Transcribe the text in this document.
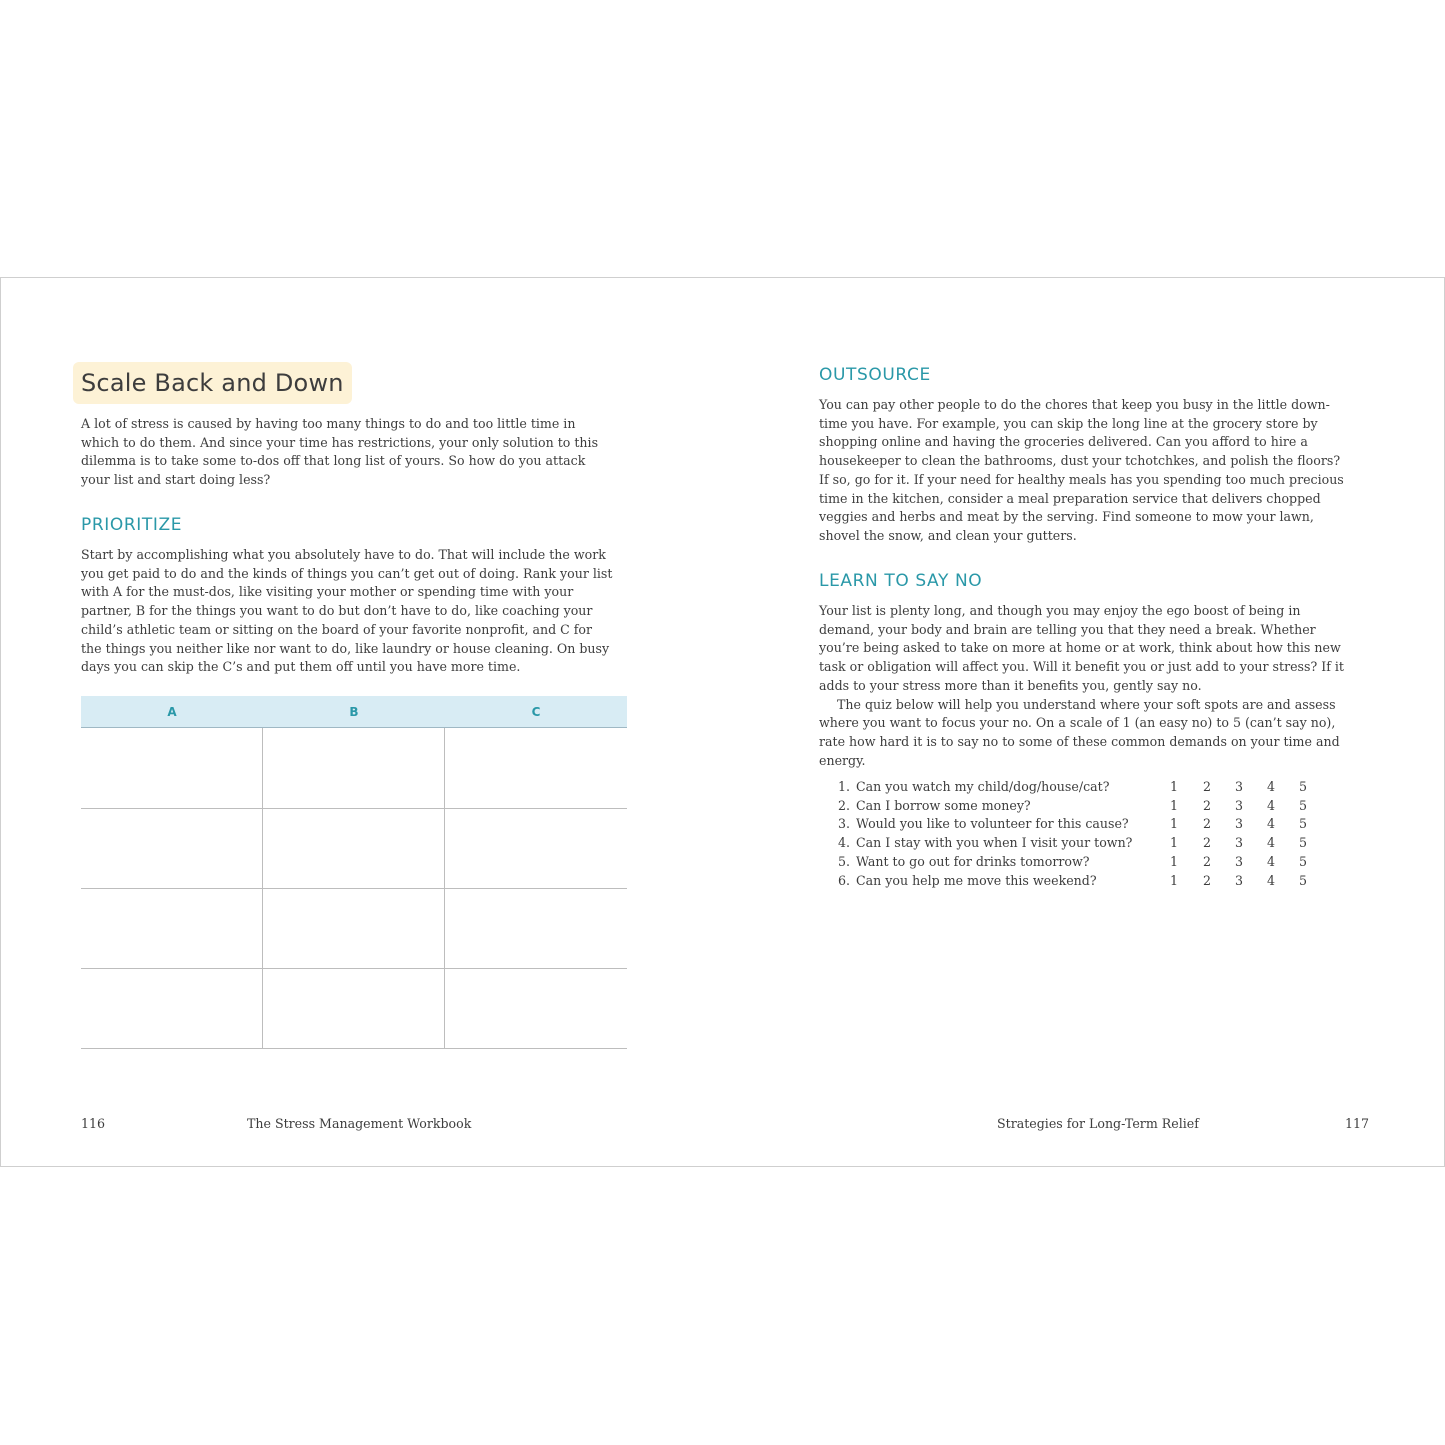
Scale Back and Down

A lot of stress is caused by having too many things to do and too little time in
which to do them. And since your time has restrictions, your only solution to this
dilemma is to take some to-dos off that long list of yours. So how do you attack
your list and start doing less?

PRIORITIZE

Start by accomplishing what you absolutely have to do. That will include the work
you get paid to do and the kinds of things you can’t get out of doing. Rank your list
with A for the must-dos, like visiting your mother or spending time with your
partner, B for the things you want to do but don’t have to do, like coaching your
child’s athletic team or sitting on the board of your favorite nonprofit, and C for
the things you neither like nor want to do, like laundry or house cleaning. On busy
days you can skip the C’s and put them off until you have more time.

A	B	C
116	The Stress Management Workbook
OUTSOURCE

You can pay other people to do the chores that keep you busy in the little down-
time you have. For example, you can skip the long line at the grocery store by
shopping online and having the groceries delivered. Can you afford to hire a
housekeeper to clean the bathrooms, dust your tchotchkes, and polish the floors?
If so, go for it. If your need for healthy meals has you spending too much precious
time in the kitchen, consider a meal preparation service that delivers chopped
veggies and herbs and meat by the serving. Find someone to mow your lawn,
shovel the snow, and clean your gutters.

LEARN TO SAY NO

Your list is plenty long, and though you may enjoy the ego boost of being in
demand, your body and brain are telling you that they need a break. Whether
you’re being asked to take on more at home or at work, think about how this new
task or obligation will affect you. Will it benefit you or just add to your stress? If it
adds to your stress more than it benefits you, gently say no.
The quiz below will help you understand where your soft spots are and assess
where you want to focus your no. On a scale of 1 (an easy no) to 5 (can’t say no),
rate how hard it is to say no to some of these common demands on your time and
energy.

Strategies for Long-Term Relief	117
1. Can you watch my child/dog/house/cat?	1 2 3 4 5
2. Can I borrow some money?	1 2 3 4 5
3. Would you like to volunteer for this cause?	1 2 3 4 5
4. Can I stay with you when I visit your town?	1 2 3 4 5
5. Want to go out for drinks tomorrow?	1 2 3 4 5
6. Can you help me move this weekend?	1 2 3 4 5
